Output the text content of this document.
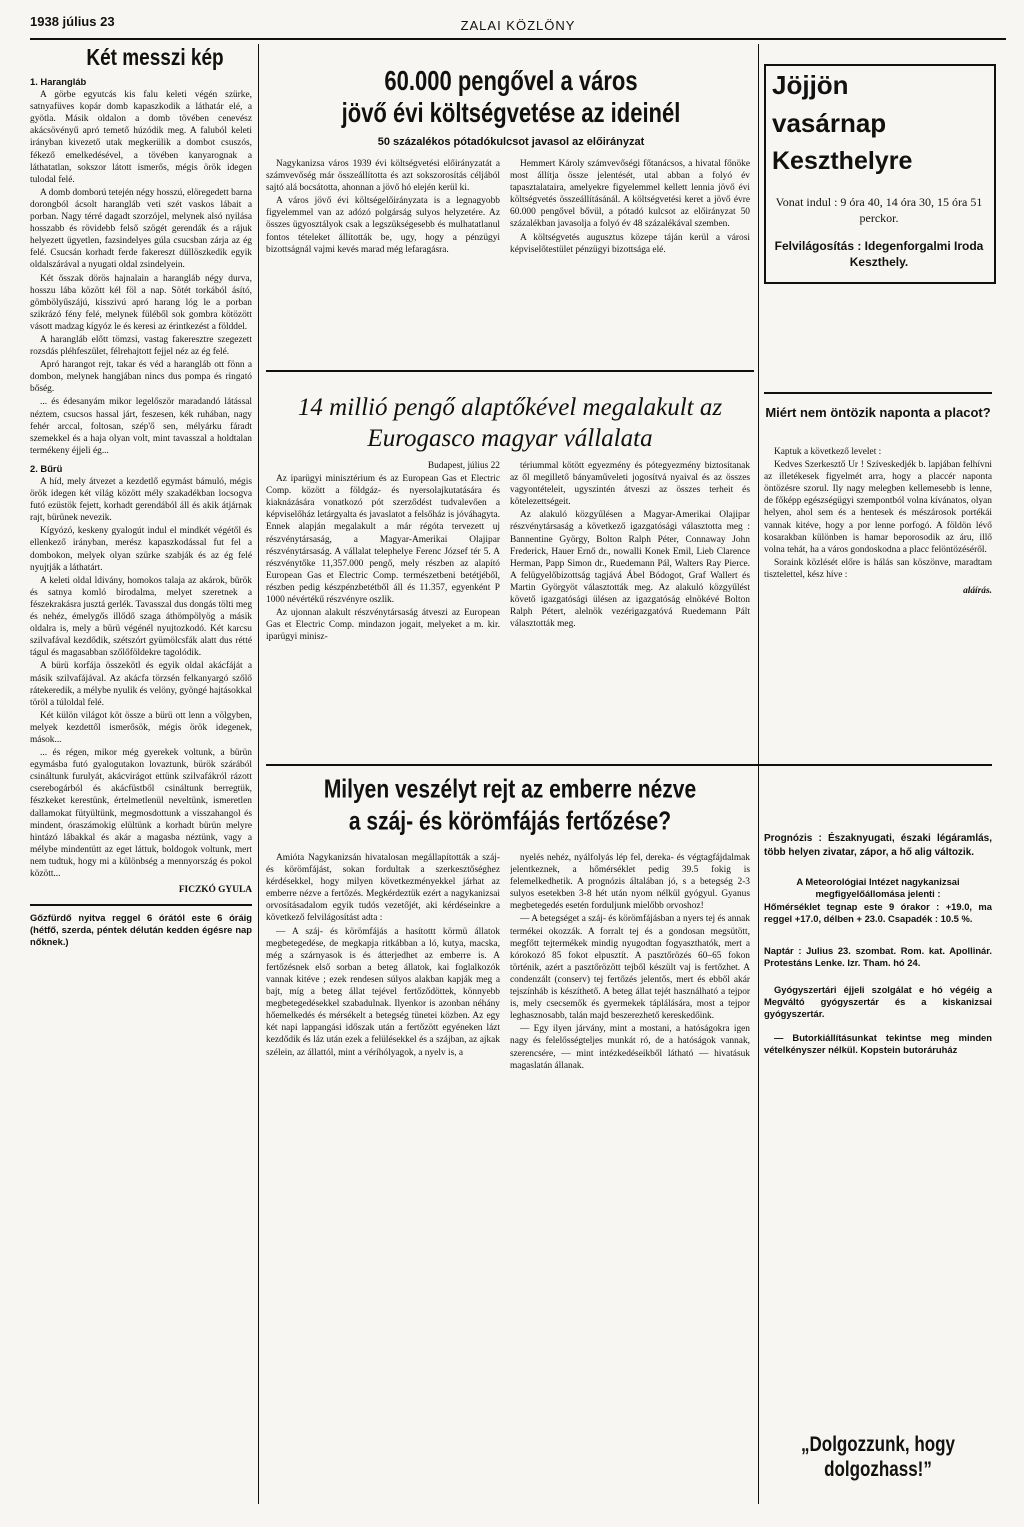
1938 július 23	ZALAI KÖZLÖNY
Két messzi kép

1. Harangláb

A görbe egyutcás kis falu keleti végén szürke, satnyafüves kopár domb kapaszkodik a láthatár elé, a gyötla. Másik oldalon a domb tövében cenevész akácsövényű apró temető húzódik meg. A faluból keleti irányban kivezető utak megkerülik a dombot csuszós, fékező emelkedésével, a tövében kanyarognak a láthatatlan, sokszor látott ismerős, mégis örök idegen tulodal felé.

A domb domború tetején négy hosszú, elöregedett barna dorongból ácsolt harangláb veti szét vaskos lábait a porban. Nagy térré dagadt szorzójel, melynek alsó nyilása hosszabb és rövidebb felső szögét gerendák és a rájuk helyezett ügyetlen, fazsindelyes gúla csucsban zárja az ég felé. Csucsán korhadt ferde fakereszt düllöszkedik egyik oldalszárával a nyugati oldal zsindelyein.

Két ősszak dörös hajnalain a harangláb négy durva, hosszu lába között kél föl a nap. Sötét torkából ásító, gömbölyűszájú, kisszivú apró harang lóg le a porban szikrázó fény felé, melynek füléből sok gombra kötözött vásott madzag kígyóz le és keresi az érintkezést a földdel.

A harangláb előtt tömzsi, vastag fakeresztre szegezett rozsdás pléhfeszület, félrehajtott fejjel néz az ég felé.

Apró harangot rejt, takar és véd a harangláb ott fönn a dombon, melynek hangjában nincs dus pompa és ringató bőség.

... és édesanyám mikor legelőször maradandó látással néztem, csucsos hassal járt, feszesen, kék ruhában, nagy fehér arccal, foltosan, szép'ő sen, mélyárku fáradt szemekkel és a haja olyan volt, mint tavasszal a holdtalan termékeny éjjeli ég...

2. Bűrü

A híd, mely átvezet a kezdetlő egymást bámuló, mégis örök idegen két világ között mély szakadékban locsogva futó ezüstök fejett, korhadt gerendából áll és akik átjárnak rajt, bürünek nevezik.

Kígyózó, keskeny gyalogút indul el mindkét végétől és ellenkező irányban, merész kapaszkodással fut fel a dombokon, melyek olyan szürke szabják és az ég felé nyujtják a láthatárt.

A keleti oldal ldivány, homokos talaja az akárok, bürök és satnya komló birodalma, melyet szeretnek a fészekrakásra jusztá gerlék. Tavasszal dus dongás tölti meg és nehéz, émelygős illődő szaga áthömpölyög a másik oldalra is, mely a bürü végénél nyujtozkodó. Két karcsu szilvafával kezdődik, szétszórt gyümölcsfák alatt dus rétté tágul és magasabban szőlőföldekre tagolódik.

A bürü korfája összekötl és egyik oldal akácfáját a másik szilvafájával. Az akácfa törzsén felkanyargó szőlő rátekeredik, a mélybe nyulik és velöny, gyöngé hajtásokkal töröl a túloldal felé.

Két külön világot köt össze a bürü ott lenn a völgyben, melyek kezdettől ismerősök, mégis örök idegenek, mások...

... és régen, mikor még gyerekek voltunk, a bürün egymásba futó gyalogutakon lovaztunk, bürök szárából csináltunk furulyát, akácvirágot ettünk szilvafákról rázott cserebogárból és akácfüstből csináltunk berregtük, fészkeket kerestünk, értelmetlenül neveltünk, ismeretlen dallamokat fütyültünk, megmosdottunk a visszahangol és mindent, óraszámokig elültünk a korhadt bürün melyre hintázó lábakkal és akár a magasba néztünk, vagy a mélybe mindentütt az eget láttuk, boldogok voltunk, mert nem tudtuk, hogy mi a különbség a mennyország és pokol között...

FICZKÓ GYULA

Gőzfürdő nyitva reggel 6 órától este 6 óráig (hétfő, szerda, péntek délután kedden égésre nap nőknek.)

60.000 pengővel a város
jövő évi költségvetése az ideinél
50 százalékos pótadókulcsot javasol az előirányzat

Nagykanizsa város 1939 évi költségvetési előirányzatát a számvevőség már összeállította és azt sokszorosítás céljából sajtó alá bocsátotta, ahonnan a jövő hó elején kerül ki.

A város jövő évi költségelőirányzata is a legnagyobb figyelemmel van az adózó polgárság sulyos helyzetére. Az összes ügyosztályok csak a legszükségesebb és mulhatatlanul fontos tételeket állították be, ugy, hogy a pénzügyi bizottságnál vajmi kevés marad még lefaragásra.

Hemmert Károly számvevőségi főtanácsos, a hivatal főnöke most állítja össze jelentését, utal abban a folyó év tapasztalataira, amelyekre figyelemmel kellett lennia jövő évi költségvetés összeállításánál. A költségvetési keret a jövő évre 60.000 pengővel bővül, a pótadó kulcsot az előirányzat 50 százalékban javasolja a folyó év 48 százalékával szemben.

A költségvetés augusztus közepe táján kerül a városi képviselőtestület pénzügyi bizottsága elé.

Jöjjön
vasárnap
Keszthelyre
Vonat indul : 9 óra 40, 14 óra 30, 15 óra 51 perckor.
Felvilágosítás : Idegenforgalmi Iroda Keszthely.
14 millió pengő alaptőkével megalakult az Eurogasco magyar vállalata

Budapest, július 22

Az iparügyi minisztérium és az European Gas et Electric Comp. között a földgáz- és nyersolajkutatására és kiaknázására vonatkozó pót szerződést tudvalevően a képviselőház letárgyalta és javaslatot a felsőház is jóváhagyta. Ennek alapján megalakult a már régóta tervezett uj részvénytársaság, a Magyar-Amerikai Olajipar részvénytársaság. A vállalat telephelye Ferenc József tér 5. A részvénytőke 11,357.000 pengő, mely részben az alapító European Gas et Electric Comp. természetbeni betétjéből, részben pedig készpénzbetétből áll és 11.357, egyenként P 1000 névértékű részvényre oszlik.

Az ujonnan alakult részvénytársaság átveszi az European Gas et Electric Comp. mindazon jogait, melyeket a m. kir. iparügyi minisz-

tériummal kötött egyezmény és pótegyezmény biztosítanak az ől megillető bányaműveleti jogosítvá nyaival és az összes vagyontételeit, ugyszintén átveszi az összes terheit és kötelezettségeit.

Az alakuló közgyűlésen a Magyar-Amerikai Olajipar részvénytársaság a következő igazgatósági választotta meg : Bannentine György, Bolton Ralph Péter, Connaway John Frederick, Hauer Ernő dr., nowalli Konek Emil, Lieb Clarence Herman, Papp Simon dr., Ruedemann Pál, Walters Ray Pierce. A felügyelőbizottság tagjává Ábel Bódogot, Graf Wallert és Martin Györgyöt választották meg. Az alakuló közgyűlést követő igazgatósági ülésen az igazgatóság elnökévé Bolton Ralph Pétert, alelnök vezérigazgatóvá Ruedemann Pált választották meg.

Miért nem öntözik naponta a placot?

Kaptuk a következő levelet :

Kedves Szerkesztő Ur ! Szíveskedjék b. lapjában felhívni az illetékesek figyelmét arra, hogy a placcér naponta öntözésre szorul. Ily nagy melegben kellemesebb is lenne, de főképp egészségügyi szempontból volna kívánatos, olyan helyen, ahol sem és a hentesek és mészárosok portékái vannak kitéve, hogy a por lenne porfogó. A földön lévő kosarakban különben is hamar beporosodik az áru, illő volna tehát, ha a város gondoskodna a placc felöntözéséről.

Soraink közlését előre is hálás san köszönve, maradtam tisztelettel, kész híve :

aláírás.
Milyen veszélyt rejt az emberre nézve
a száj- és körömfájás fertőzése?

Amióta Nagykanizsán hivatalosan megállapították a száj- és körömfájást, sokan fordultak a szerkesztőséghez kérdésekkel, hogy milyen következményekkel járhat az emberre nézve a fertőzés. Megkérdeztük ezért a nagykanizsai orvosításadalom egyik tudós vezetőjét, aki kérdéseinkre a következő felvilágosítást adta :

— A száj- és körömfájás a hasítottt körmü állatok megbetegedése, de megkapja ritkábban a ló, kutya, macska, még a szárnyasok is és átterjedhet az emberre is. A fertőzésnek első sorban a beteg állatok, kai foglalkozók vannak kitéve ; ezek rendesen súlyos alakban kapják meg a bajt, míg a beteg állat tejével fertőződöttek, könnyebb megbetegedésekkel szabadulnak. Ilyenkor is azonban néhány hőemelkedés és mérsékelt a betegség tünetei közben. Az egy két napi lappangási időszak után a fertőzött egyéneken lázt kezdődik és láz után ezek a felülésekkel és a szájban, az ajkak szélein, az állattól, mint a véríhólyagok, a nyelv is, a

nyelés nehéz, nyálfolyás lép fel, dereka- és végtagfájdalmak jelentkeznek, a hőmérséklet pedig 39.5 fokig is felemelkedhetik. A prognózis általában jó, s a betegség 2-3 sulyos esetekben 3-8 hét után nyom nélkül gyógyul. Gyanus megbetegedés esetén forduljunk mielőbb orvoshoz!

— A betegséget a száj- és körömfájásban a nyers tej és annak termékei okozzák. A forralt tej és a gondosan megsütött, megfőtt tejtermékek mindig nyugodtan fogyaszthatók, mert a kórokozó 85 fokot elpusztít. A pasztőrözés 60–65 fokon történik, azért a pasztőrözött tejből készült vaj is fertőzhet. A condenzált (conserv) tej fertőzés jelentős, mert és ebből akár tejszínháb is készíthető. A beteg állat tejét használható a tejpor is, mely csecsemők és gyermekek táplálására, most a tejpor leghasznosabb, talán majd beszerezhető kereskedőink.

— Egy ilyen járvány, mint a mostani, a hatóságokra igen nagy és felelősségteljes munkát ró, de a hatóságok vannak, szerencsére, — mint intézkedéseikből látható — hivatásuk magaslatán állanak.

Prognózis : Északnyugati, északi légáramlás, több helyen zivatar, zápor, a hő alig változik.

A Meteorológiai Intézet nagykanizsai megfigyelőállomása jelenti :

Hőmérséklet tegnap este 9 órakor : +19.0, ma reggel +17.0, délben + 23.0. Csapadék : 10.5 %.

Naptár : Julius 23. szombat. Rom. kat. Apollinár. Protestáns Lenke. Izr. Tham. hó 24.

Gyógyszertári éjjeli szolgálat e hó végéig a Megváltó gyógyszertár és a kiskanizsai gyógyszertár.

— Butorkiállításunkat tekintse meg minden vételkényszer nélkül. Kopstein butoráruház

„Dolgozzunk, hogy dolgozhass!”
